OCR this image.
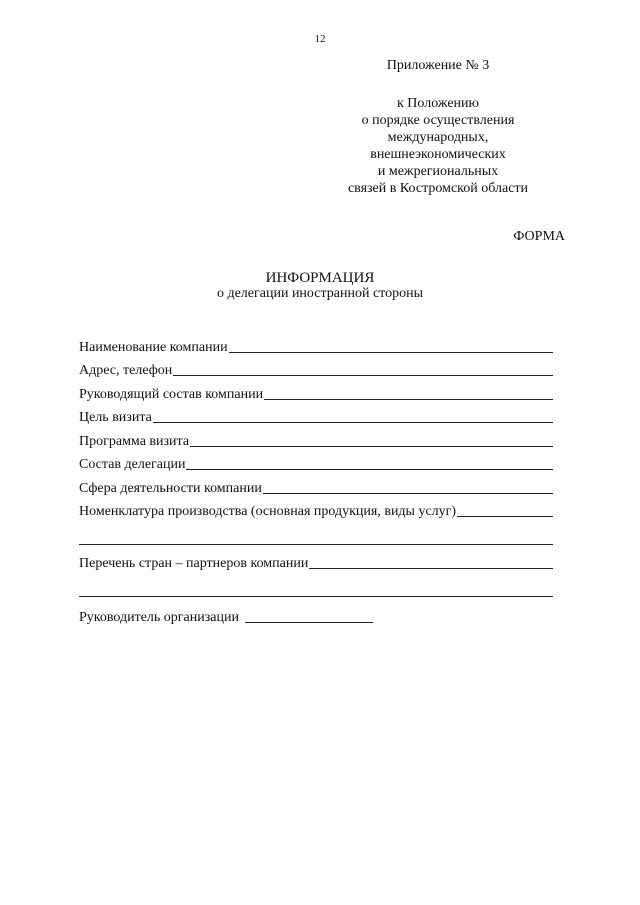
12
Приложение № 3
к Положению
о порядке осуществления
международных,
внешнеэкономических
и межрегиональных
связей в Костромской области
ФОРМА
ИНФОРМАЦИЯ
о делегации иностранной стороны
Наименование компании
Адрес, телефон
Руководящий состав компании
Цель визита
Программа визита
Состав делегации
Сфера деятельности компании
Номенклатура производства (основная продукция, виды услуг)
Перечень стран – партнеров компании
Руководитель организации
